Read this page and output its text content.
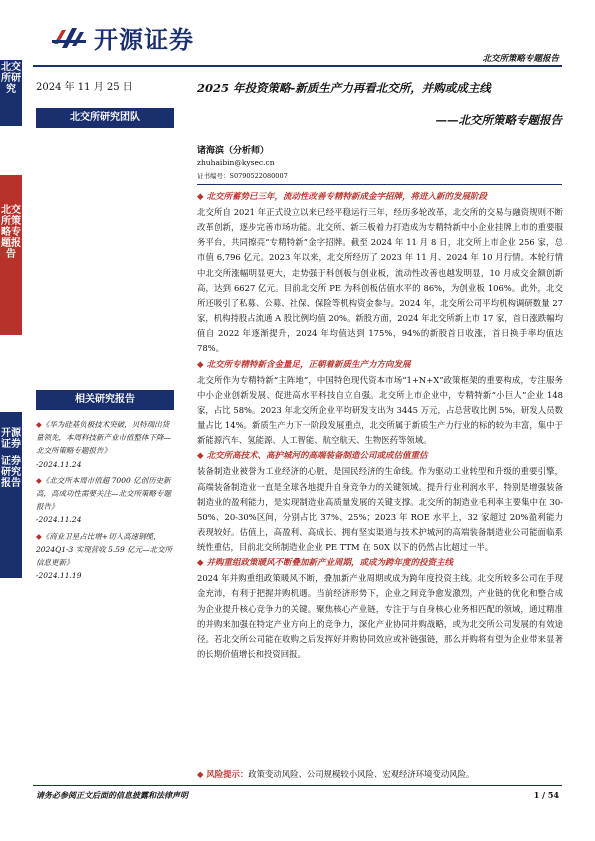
北交所研究
北交所策略专题报告
开源证券
证券研究报告
开源证券
北交所策略专题报告
2024 年 11 月 25 日
北交所研究团队
相关研究报告
◆《华为硅基负极技术突破，贝特瑞出货量领先，本周科技新产业市值整体下降—北交所策略专题报告》
-2024.11.24
◆《北交所本周市值超 7000 亿创历史新高，高成功性需要关注—北交所策略专题报告》
-2024.11.24
◆《商业卫星占比增+切入高速钢缆，2024Q1-3 实现营收 5.59 亿元—北交所信息更新》
-2024.11.19
2025 年投资策略-新质生产力再看北交所，并购或成主线
——北交所策略专题报告
诸海滨（分析师）
zhuhaibin@kysec.cn
证书编号：S0790522080007
◆ 北交所蓄势已三年，流动性改善专精特新成金字招牌，将进入新的发展阶段

北交所自 2021 年正式设立以来已经平稳运行三年，经历多轮改革，北交所的交易与融资规则不断改革创新，逐步完善市场功能。北交所、新三板着力打造成为专精特新中小企业挂牌上市的重要服务平台，共同擦亮“专精特新”金字招牌。截至 2024 年 11 月 8 日，北交所上市企业 256 家，总市值 6,796 亿元。2023 年以来，北交所经历了 2023 年 11 月、2024 年 10 月行情。本轮行情中北交所涨幅明显更大，走势强于科创板与创业板，流动性改善也越发明显，10 月成交金额创新高，达到 6627 亿元。目前北交所 PE 为科创板估值水平的 86%，为创业板 106%。此外，北交所还吸引了私募、公募、社保、保险等机构资金参与。2024 年，北交所公司平均机构调研数量 27 家，机构持股占流通 A 股比例均值 20%。新股方面，2024 年北交所新上市 17 家，首日涨跌幅均值自 2022 年逐渐提升，2024 年均值达到 175%，94%的新股首日收涨，首日换手率均值达 78%。

◆ 北交所专精特新含金量足，正朝着新质生产力方向发展

北交所作为专精特新“主阵地”，中国特色现代资本市场“1+N+X”政策框架的重要构成，专注服务中小企业创新发展、促进高水平科技自立自强。北交所上市企业中，专精特新“小巨人”企业 148 家，占比 58%。2023 年北交所企业平均研发支出为 3445 万元，占总营收比例 5%，研发人员数量占比 14%。新质生产力下一阶段发展重点，北交所属于新质生产力行业的标的较为丰富，集中于新能源汽车、氢能源、人工智能、航空航天、生物医药等领域。

◆ 北交所高技术、高护城河的高端装备制造公司或成估值重估

装备制造业被誉为工业经济的心脏，是国民经济的生命线。作为驱动工业转型和升级的重要引擎，高端装备制造业一直是全球各地提升自身竞争力的关键领域。提升行业利润水平，特别是增强装备制造业的盈利能力，是实现制造业高质量发展的关键支撑。北交所的制造业毛利率主要集中在 30-50%、20-30%区间，分别占比 37%、25%；2023 年 ROE 水平上，32 家超过 20%盈利能力表现较好。估值上，高盈利、高成长、拥有坚实渠道与技术护城河的高端装备制造业公司能面临系统性重估，目前北交所制造业企业 PE TTM 在 50X 以下的仍然占比超过一半。

◆ 并购重组政策暖风不断叠加新产业周期，或成为跨年度的投资主线

2024 年并购重组政策暖风不断，叠加新产业周期或成为跨年度投资主线。北交所较多公司在手现金充沛，有利于把握并购机遇。当前经济形势下，企业之间竞争愈发激烈，产业链的优化和整合成为企业提升核心竞争力的关键。聚焦核心产业链，专注于与自身核心业务相匹配的领域，通过精准的并购来加强在特定产业方向上的竞争力，深化产业协同并购战略，或为北交所公司发展的有效途径。若北交所公司能在收购之后发挥好并购协同效应或补链强链，那么并购将有望为企业带来显著的长期价值增长和投资回报。

◆ 风险提示：政策变动风险、公司规模较小风险、宏观经济环境变动风险。
请务必参阅正文后面的信息披露和法律声明	1 / 54
